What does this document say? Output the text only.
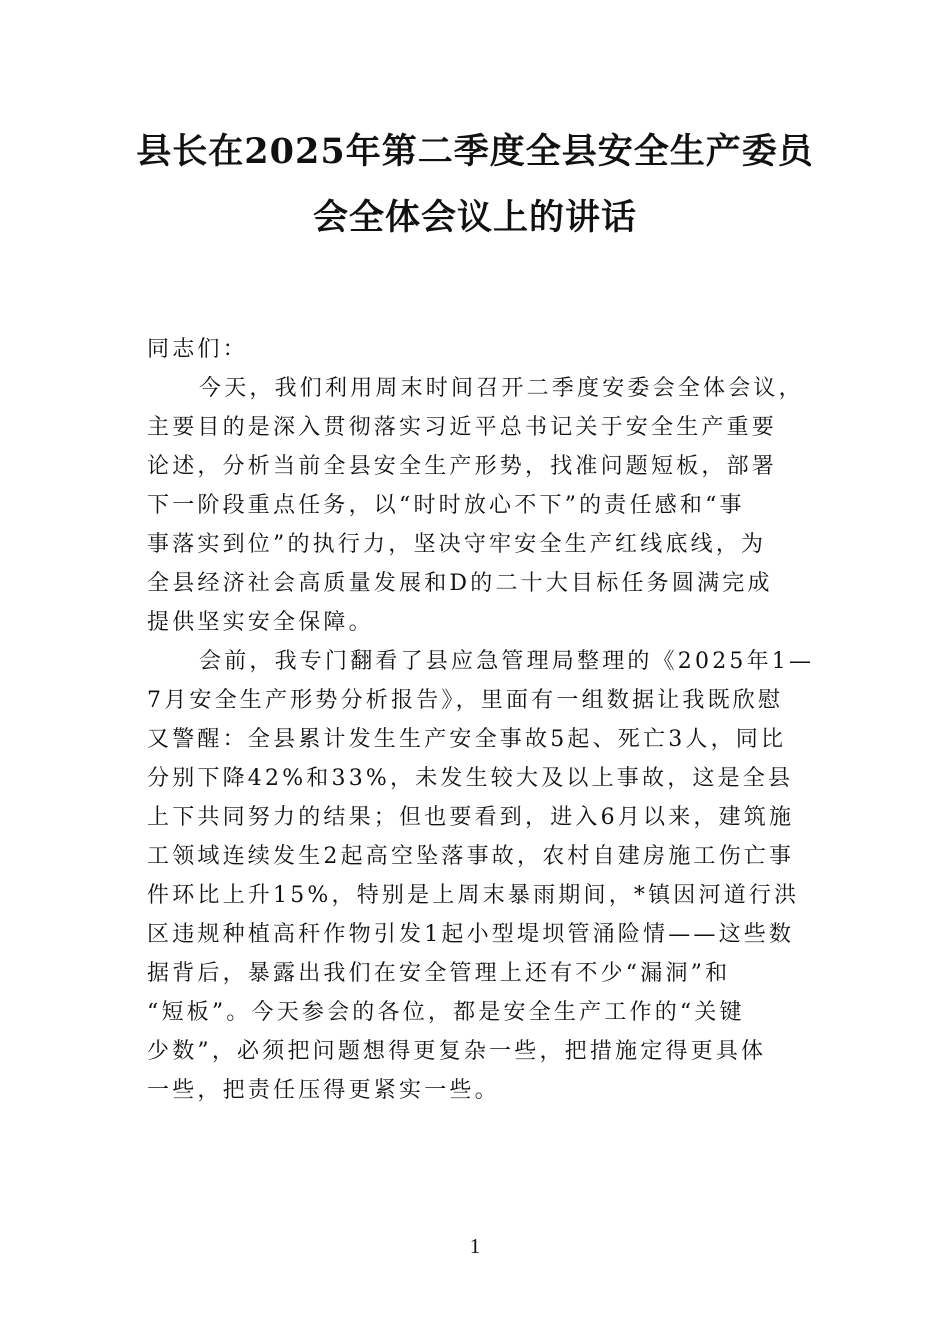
县长在2025年第二季度全县安全生产委员
会全体会议上的讲话
同志们：
今天，我们利用周末时间召开二季度安委会全体会议，
主要目的是深入贯彻落实习近平总书记关于安全生产重要
论述，分析当前全县安全生产形势，找准问题短板，部署
下一阶段重点任务，以“时时放心不下”的责任感和“事
事落实到位”的执行力，坚决守牢安全生产红线底线，为
全县经济社会高质量发展和D的二十大目标任务圆满完成
提供坚实安全保障。
会前，我专门翻看了县应急管理局整理的《2025年1—
7月安全生产形势分析报告》，里面有一组数据让我既欣慰
又警醒：全县累计发生生产安全事故5起、死亡3人，同比
分别下降42%和33%，未发生较大及以上事故，这是全县
上下共同努力的结果；但也要看到，进入6月以来，建筑施
工领域连续发生2起高空坠落事故，农村自建房施工伤亡事
件环比上升15%，特别是上周末暴雨期间，*镇因河道行洪
区违规种植高秆作物引发1起小型堤坝管涌险情——这些数
据背后，暴露出我们在安全管理上还有不少“漏洞”和
“短板”。今天参会的各位，都是安全生产工作的“关键
少数”，必须把问题想得更复杂一些，把措施定得更具体
一些，把责任压得更紧实一些。
1
